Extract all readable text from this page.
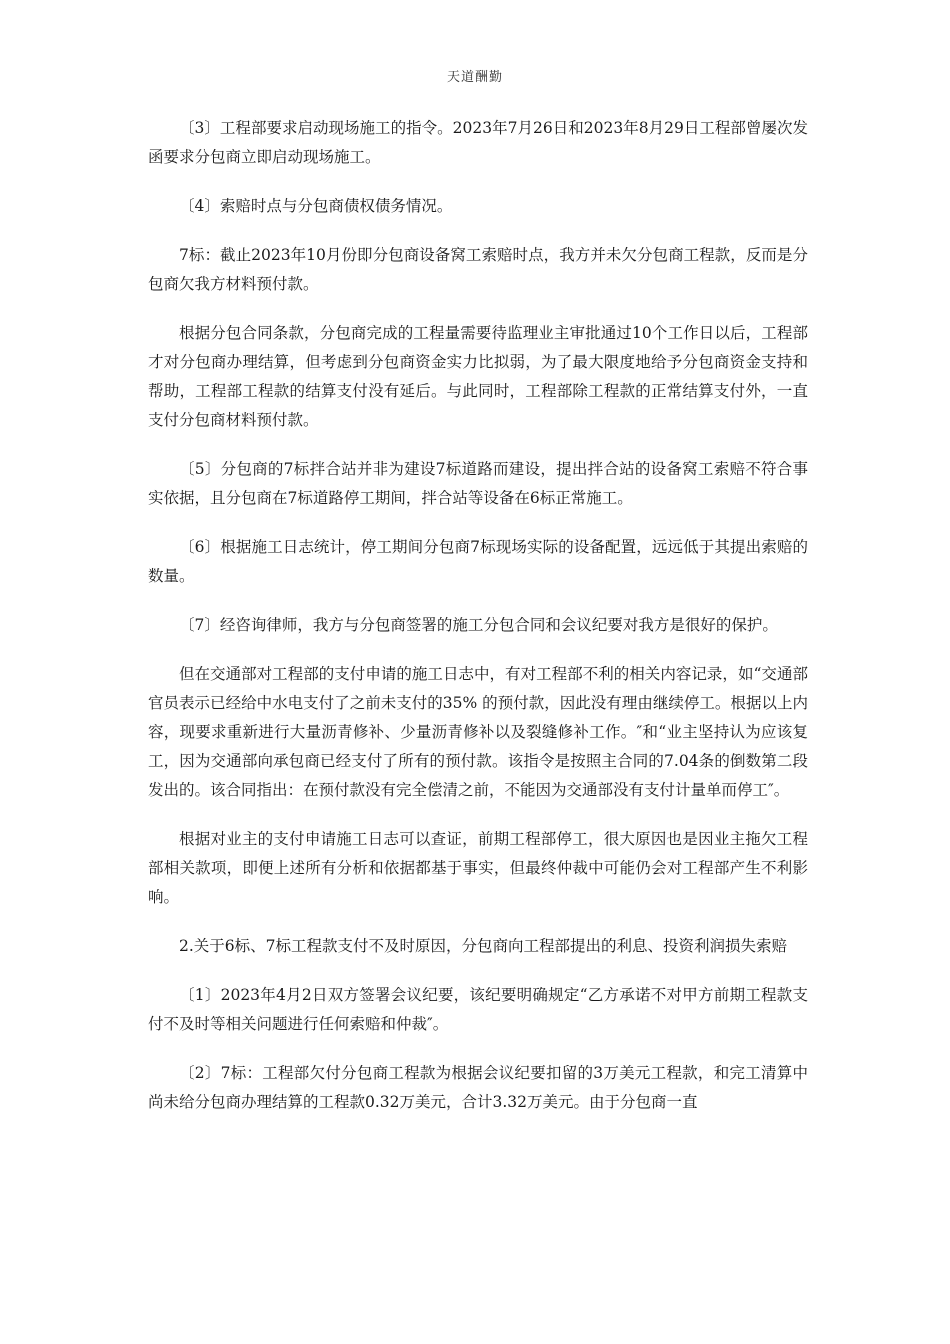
天道酬勤

〔3〕工程部要求启动现场施工的指令。2023年7月26日和2023年8月29日工程部曾屡次发函要求分包商立即启动现场施工。

〔4〕索赔时点与分包商债权债务情况。

7标：截止2023年10月份即分包商设备窝工索赔时点，我方并未欠分包商工程款，反而是分包商欠我方材料预付款。

根据分包合同条款，分包商完成的工程量需要待监理业主审批通过10个工作日以后，工程部才对分包商办理结算，但考虑到分包商资金实力比拟弱，为了最大限度地给予分包商资金支持和帮助，工程部工程款的结算支付没有延后。与此同时，工程部除工程款的正常结算支付外，一直支付分包商材料预付款。

〔5〕分包商的7标拌合站并非为建设7标道路而建设，提出拌合站的设备窝工索赔不符合事实依据，且分包商在7标道路停工期间，拌合站等设备在6标正常施工。

〔6〕根据施工日志统计，停工期间分包商7标现场实际的设备配置，远远低于其提出索赔的数量。

〔7〕经咨询律师，我方与分包商签署的施工分包合同和会议纪要对我方是很好的保护。

但在交通部对工程部的支付申请的施工日志中，有对工程部不利的相关内容记录，如“交通部官员表示已经给中水电支付了之前未支付的35% 的预付款，因此没有理由继续停工。根据以上内容，现要求重新进行大量沥青修补、少量沥青修补以及裂缝修补工作。″和“业主坚持认为应该复工，因为交通部向承包商已经支付了所有的预付款。该指令是按照主合同的7.04条的倒数第二段发出的。该合同指出：在预付款没有完全偿清之前，不能因为交通部没有支付计量单而停工″。

根据对业主的支付申请施工日志可以查证，前期工程部停工，很大原因也是因业主拖欠工程部相关款项，即便上述所有分析和依据都基于事实，但最终仲裁中可能仍会对工程部产生不利影响。

2.关于6标、7标工程款支付不及时原因，分包商向工程部提出的利息、投资利润损失索赔

〔1〕2023年4月2日双方签署会议纪要，该纪要明确规定“乙方承诺不对甲方前期工程款支付不及时等相关问题进行任何索赔和仲裁″。

〔2〕7标：工程部欠付分包商工程款为根据会议纪要扣留的3万美元工程款，和完工清算中尚未给分包商办理结算的工程款0.32万美元，合计3.32万美元。由于分包商一直
